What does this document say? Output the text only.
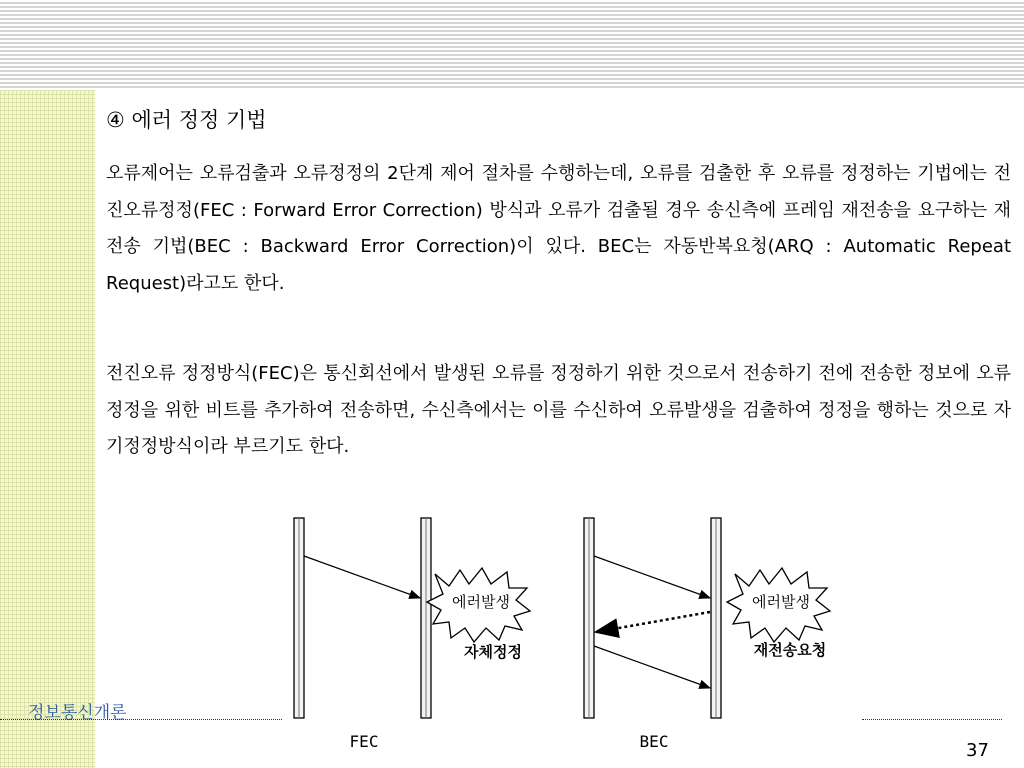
④ 에러 정정 기법

오류제어는 오류검출과 오류정정의 2단계 제어 절차를 수행하는데, 오류를 검출한 후 오류를 정정하는 기법에는 전진오류정정(FEC : Forward Error Correction) 방식과 오류가 검출될 경우 송신측에 프레임 재전송을 요구하는 재전송 기법(BEC : Backward Error Correction)이 있다. BEC는 자동반복요청(ARQ : Automatic Repeat Request)라고도 한다.

전진오류 정정방식(FEC)은 통신회선에서 발생된 오류를 정정하기 위한 것으로서 전송하기 전에 전송한 정보에 오류정정을 위한 비트를 추가하여 전송하면, 수신측에서는 이를 수신하여 오류발생을 검출하여 정정을 행하는 것으로 자기정정방식이라 부르기도 한다.

에러발생
자체정정
FEC
에러발생
재전송요청
BEC
정보통신개론
37
